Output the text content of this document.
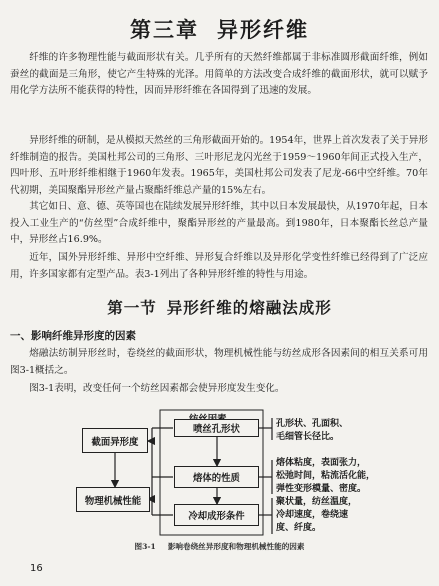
第三章 异形纤维

纤维的许多物理性能与截面形状有关。几乎所有的天然纤维都属于非标准圆形截面纤维，例如蚕丝的截面是三角形，使它产生特殊的光泽。用简单的方法改变合成纤维的截面形状，就可以赋予用化学方法所不能获得的特性，因而异形纤维在各国得到了迅速的发展。

异形纤维的研制，是从模拟天然丝的三角形截面开始的。1954年，世界上首次发表了关于异形纤维制造的报告。美国杜邦公司的三角形、三叶形尼龙闪光丝于1959～1960年间正式投入生产，四叶形、五叶形纤维相继于1960年发表。1965年，美国杜邦公司发表了尼龙-66中空纤维。70年代初期，美国聚酯异形丝产量占聚酯纤维总产量的15%左右。

其它如日、意、德、英等国也在陆续发展异形纤维，其中以日本发展最快，从1970年起，日本投入工业生产的“仿丝型”合成纤维中，聚酯异形丝的产量最高。到1980年，日本聚酯长丝总产量中，异形丝占16.9%。

近年，国外异形纤维、异形中空纤维、异形复合纤维以及异形化学变性纤维已经得到了广泛应用，许多国家都有定型产品。表3-1列出了各种异形纤维的特性与用途。

第一节 异形纤维的熔融法成形
一、影响纤维异形度的因素

熔融法纺制异形丝时，卷绕丝的截面形状，物理机械性能与纺丝成形各因素间的相互关系可用图3-1概括之。

图3-1表明，改变任何一个纺丝因素都会使异形度发生变化。

截面异形度
物理机械性能
喷丝孔形状
熔体的性质
冷却成形条件
孔形状、孔面积、
毛细管长径比。
熔体粘度，表面张力，
松弛时间，粘流活化能，
弹性变形模量、密度。
聚状量，纺丝温度，
冷却速度，卷绕速
度、纤度。
图3-1 影响卷绕丝异形度和物理机械性能的因素
16
